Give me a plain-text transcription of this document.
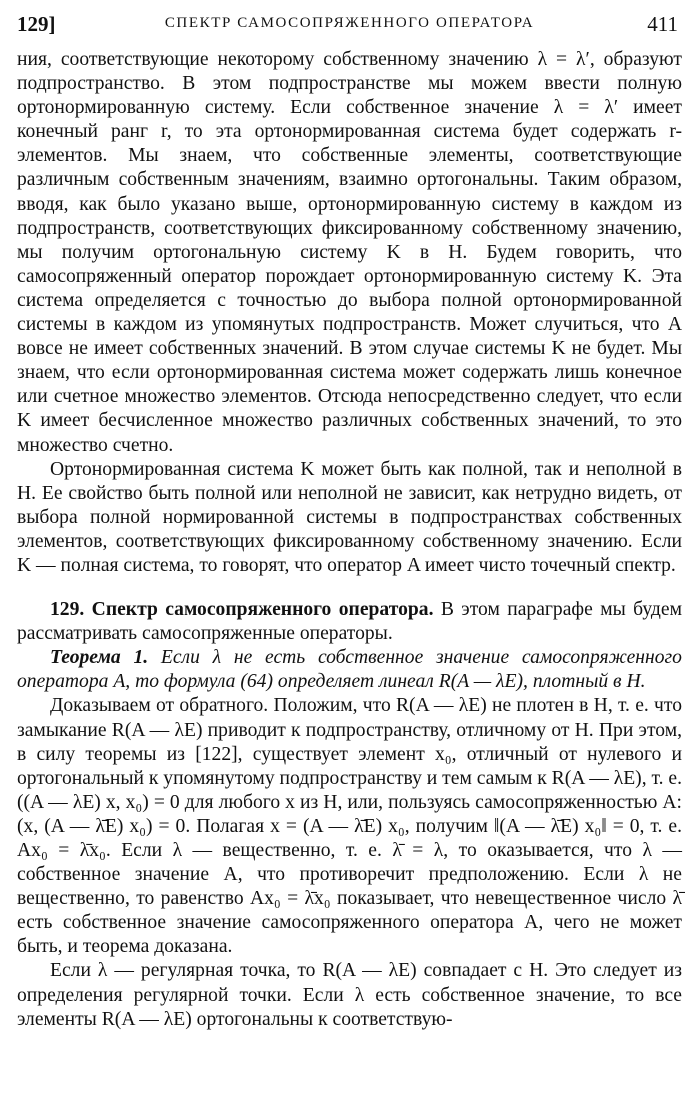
129]	СПЕКТР САМОСОПРЯЖЕННОГО ОПЕРАТОРА	411

ния, соответствующие некоторому собственному значению λ = λ′, образуют подпространство. В этом подпространстве мы можем ввести полную ортонормированную систему. Если собственное значение λ = λ′ имеет конечный ранг r, то эта ортонормированная система будет содержать r-элементов. Мы знаем, что собственные элементы, соответствующие различным собственным значениям, взаимно ортогональны. Таким образом, вводя, как было указано выше, ортонормированную систему в каждом из подпространств, соответствующих фиксированному собственному значению, мы получим ортогональную систему K в H. Будем говорить, что самосопряженный оператор порождает ортонормированную систему K. Эта система определяется с точностью до выбора полной ортонормированной системы в каждом из упомянутых подпространств. Может случиться, что A вовсе не имеет собственных значений. В этом случае системы K не будет. Мы знаем, что если ортонормированная система может содержать лишь конечное или счетное множество элементов. Отсюда непосредственно следует, что если K имеет бесчисленное множество различных собственных значений, то это множество счетно.

Ортонормированная система K может быть как полной, так и неполной в H. Ее свойство быть полной или неполной не зависит, как нетрудно видеть, от выбора полной нормированной системы в подпространствах собственных элементов, соответствующих фиксированному собственному значению. Если K — полная система, то говорят, что оператор A имеет чисто точечный спектр.

129. Спектр самосопряженного оператора. В этом параграфе мы будем рассматривать самосопряженные операторы.

Теорема 1. Если λ не есть собственное значение самосопряженного оператора A, то формула (64) определяет линеал R(A — λE), плотный в H.

Доказываем от обратного. Положим, что R(A — λE) не плотен в H, т. е. что замыкание R(A — λE) приводит к подпространству, отличному от H. При этом, в силу теоремы из [122], существует элемент x₀, отличный от нулевого и ортогональный к упомянутому подпространству и тем самым к R(A — λE), т. е. ((A — λE) x, x₀) = 0 для любого x из H, или, пользуясь самосопряженностью A: (x, (A — λ̄E) x₀) = 0. Полагая x = (A — λ̄E) x₀, получим ‖(A — λ̄E) x₀‖ = 0, т. е. Ax₀ = λ̄x₀. Если λ — вещественно, т. е. λ̄ = λ, то оказывается, что λ — собственное значение A, что противоречит предположению. Если λ не вещественно, то равенство Ax₀ = λ̄x₀ показывает, что невещественное число λ̄ есть собственное значение самосопряженного оператора A, чего не может быть, и теорема доказана.

Если λ — регулярная точка, то R(A — λE) совпадает с H. Это следует из определения регулярной точки. Если λ есть собственное значение, то все элементы R(A — λE) ортогональны к соответствую-
